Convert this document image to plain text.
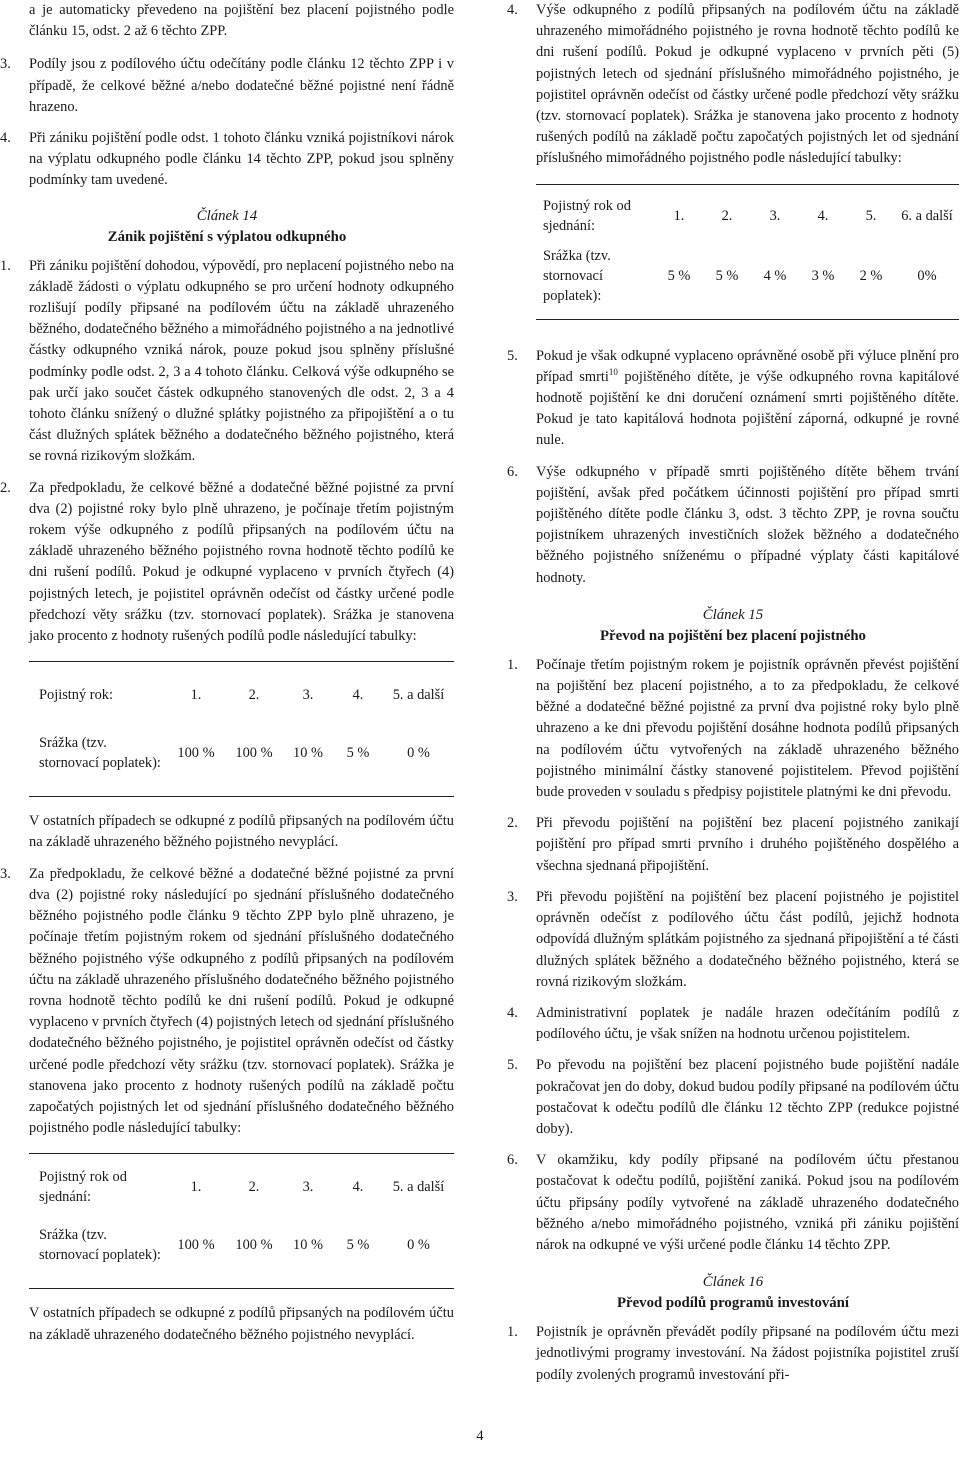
a je automaticky převedeno na pojištění bez placení pojistného podle článku 15, odst. 2 až 6 těchto ZPP.

3. Podíly jsou z podílového účtu odečítány podle článku 12 těchto ZPP i v případě, že celkové běžné a/nebo dodatečné běžné pojistné není řádně hrazeno.

4. Při zániku pojištění podle odst. 1 tohoto článku vzniká pojistníkovi nárok na výplatu odkupného podle článku 14 těchto ZPP, pokud jsou splněny podmínky tam uvedené.

Článek 14

Zánik pojištění s výplatou odkupného

1. Při zániku pojištění dohodou, výpovědí, pro neplacení pojistného nebo na základě žádosti o výplatu odkupného se pro určení hodnoty odkupného rozlišují podíly připsané na podílovém účtu na základě uhrazeného běžného, dodatečného běžného a mimořádného pojistného a na jednotlivé částky odkupného vzniká nárok, pouze pokud jsou splněny příslušné podmínky podle odst. 2, 3 a 4 tohoto článku. Celková výše odkupného se pak určí jako součet částek odkupného stanovených dle odst. 2, 3 a 4 tohoto článku snížený o dlužné splátky pojistného za připojištění a o tu část dlužných splátek běžného a dodatečného běžného pojistného, která se rovná rizikovým složkám.

2. Za předpokladu, že celkové běžné a dodatečné běžné pojistné za první dva (2) pojistné roky bylo plně uhrazeno, je počínaje třetím pojistným rokem výše odkupného z podílů připsaných na podílovém účtu na základě uhrazeného běžného pojistného rovna hodnotě těchto podílů ke dni rušení podílů. Pokud je odkupné vyplaceno v prvních čtyřech (4) pojistných letech, je pojistitel oprávněn odečíst od částky určené podle předchozí věty srážku (tzv. stornovací poplatek). Srážka je stanovena jako procento z hodnoty rušených podílů podle následující tabulky:

Pojistný rok:	1.	2.	3.	4.	5. a další
Srážka (tzv. stornovací poplatek):	100 %	100 %	10 %	5 %	0 %

V ostatních případech se odkupné z podílů připsaných na podílovém účtu na základě uhrazeného běžného pojistného nevyplácí.

3. Za předpokladu, že celkové běžné a dodatečné běžné pojistné za první dva (2) pojistné roky následující po sjednání příslušného dodatečného běžného pojistného podle článku 9 těchto ZPP bylo plně uhrazeno, je počínaje třetím pojistným rokem od sjednání příslušného dodatečného běžného pojistného výše odkupného z podílů připsaných na podílovém účtu na základě uhrazeného příslušného dodatečného běžného pojistného rovna hodnotě těchto podílů ke dni rušení podílů. Pokud je odkupné vyplaceno v prvních čtyřech (4) pojistných letech od sjednání příslušného dodatečného běžného pojistného, je pojistitel oprávněn odečíst od částky určené podle předchozí věty srážku (tzv. stornovací poplatek). Srážka je stanovena jako procento z hodnoty rušených podílů na základě počtu započatých pojistných let od sjednání příslušného dodatečného běžného pojistného podle následující tabulky:

Pojistný rok od sjednání:	1.	2.	3.	4.	5. a další
Srážka (tzv. stornovací poplatek):	100 %	100 %	10 %	5 %	0 %

V ostatních případech se odkupné z podílů připsaných na podílovém účtu na základě uhrazeného dodatečného běžného pojistného nevyplácí.

4. Výše odkupného z podílů připsaných na podílovém účtu na základě uhrazeného mimořádného pojistného je rovna hodnotě těchto podílů ke dni rušení podílů. Pokud je odkupné vyplaceno v prvních pěti (5) pojistných letech od sjednání příslušného mimořádného pojistného, je pojistitel oprávněn odečíst od částky určené podle předchozí věty srážku (tzv. stornovací poplatek). Srážka je stanovena jako procento z hodnoty rušených podílů na základě počtu započatých pojistných let od sjednání příslušného mimořádného pojistného podle následující tabulky:

Pojistný rok od sjednání:	1.	2.	3.	4.	5.	6. a další
Srážka (tzv. stornovací poplatek):	5 %	5 %	4 %	3 %	2 %	0%
5. Pokud je však odkupné vyplaceno oprávněné osobě při výluce plnění pro případ smrti$^{10}$ pojištěného dítěte, je výše odkupného rovna kapitálové hodnotě pojištění ke dni doručení oznámení smrti pojištěného dítěte. Pokud je tato kapitálová hodnota pojištění záporná, odkupné je rovné nule.

6. Výše odkupného v případě smrti pojištěného dítěte během trvání pojištění, avšak před počátkem účinnosti pojištění pro případ smrti pojištěného dítěte podle článku 3, odst. 3 těchto ZPP, je rovna součtu pojistníkem uhrazených investičních složek běžného a dodatečného běžného pojistného sníženému o případné výplaty části kapitálové hodnoty.

Článek 15

Převod na pojištění bez placení pojistného

1. Počínaje třetím pojistným rokem je pojistník oprávněn převést pojištění na pojištění bez placení pojistného, a to za předpokladu, že celkové běžné a dodatečné běžné pojistné za první dva pojistné roky bylo plně uhrazeno a ke dni převodu pojištění dosáhne hodnota podílů připsaných na podílovém účtu vytvořených na základě uhrazeného běžného pojistného minimální částky stanovené pojistitelem. Převod pojištění bude proveden v souladu s předpisy pojistitele platnými ke dni převodu.

2. Při převodu pojištění na pojištění bez placení pojistného zanikají pojištění pro případ smrti prvního i druhého pojištěného dospělého a všechna sjednaná připojištění.

3. Při převodu pojištění na pojištění bez placení pojistného je pojistitel oprávněn odečíst z podílového účtu část podílů, jejichž hodnota odpovídá dlužným splátkám pojistného za sjednaná připojištění a té části dlužných splátek běžného a dodatečného běžného pojistného, která se rovná rizikovým složkám.

4. Administrativní poplatek je nadále hrazen odečítáním podílů z podílového účtu, je však snížen na hodnotu určenou pojistitelem.

5. Po převodu na pojištění bez placení pojistného bude pojištění nadále pokračovat jen do doby, dokud budou podíly připsané na podílovém účtu postačovat k odečtu podílů dle článku 12 těchto ZPP (redukce pojistné doby).

6. V okamžiku, kdy podíly připsané na podílovém účtu přestanou postačovat k odečtu podílů, pojištění zaniká. Pokud jsou na podílovém účtu připsány podíly vytvořené na základě uhrazeného dodatečného běžného a/nebo mimořádného pojistného, vzniká při zániku pojištění nárok na odkupné ve výši určené podle článku 14 těchto ZPP.

Článek 16

Převod podílů programů investování

1. Pojistník je oprávněn převádět podíly připsané na podílovém účtu mezi jednotlivými programy investování. Na žádost pojistníka pojistitel zruší podíly zvolených programů investování při-

4
